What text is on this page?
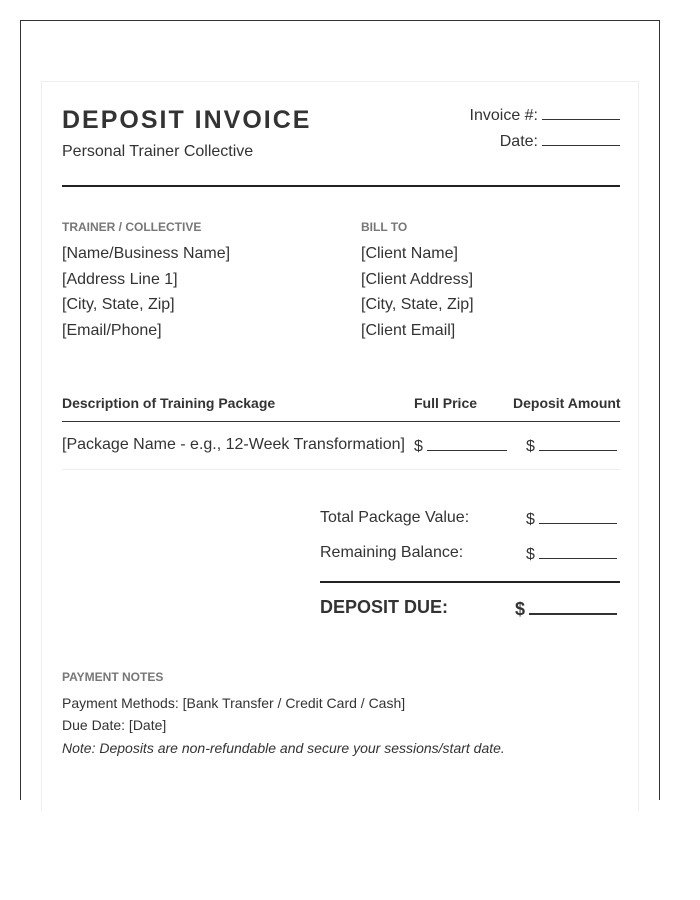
DEPOSIT INVOICE
Personal Trainer Collective
Invoice #:
Date:
TRAINER / COLLECTIVE
[Name/Business Name]
[Address Line 1]
[City, State, Zip]
[Email/Phone]
BILL TO
[Client Name]
[Client Address]
[City, State, Zip]
[Client Email]
Description of Training Package	Full Price	Deposit Amount
[Package Name - e.g., 12-Week Transformation] $	$
Total Package Value:	$
Remaining Balance:	$
DEPOSIT DUE:	$
PAYMENT NOTES
Payment Methods: [Bank Transfer / Credit Card / Cash]
Due Date: [Date]
Note: Deposits are non-refundable and secure your sessions/start date.
